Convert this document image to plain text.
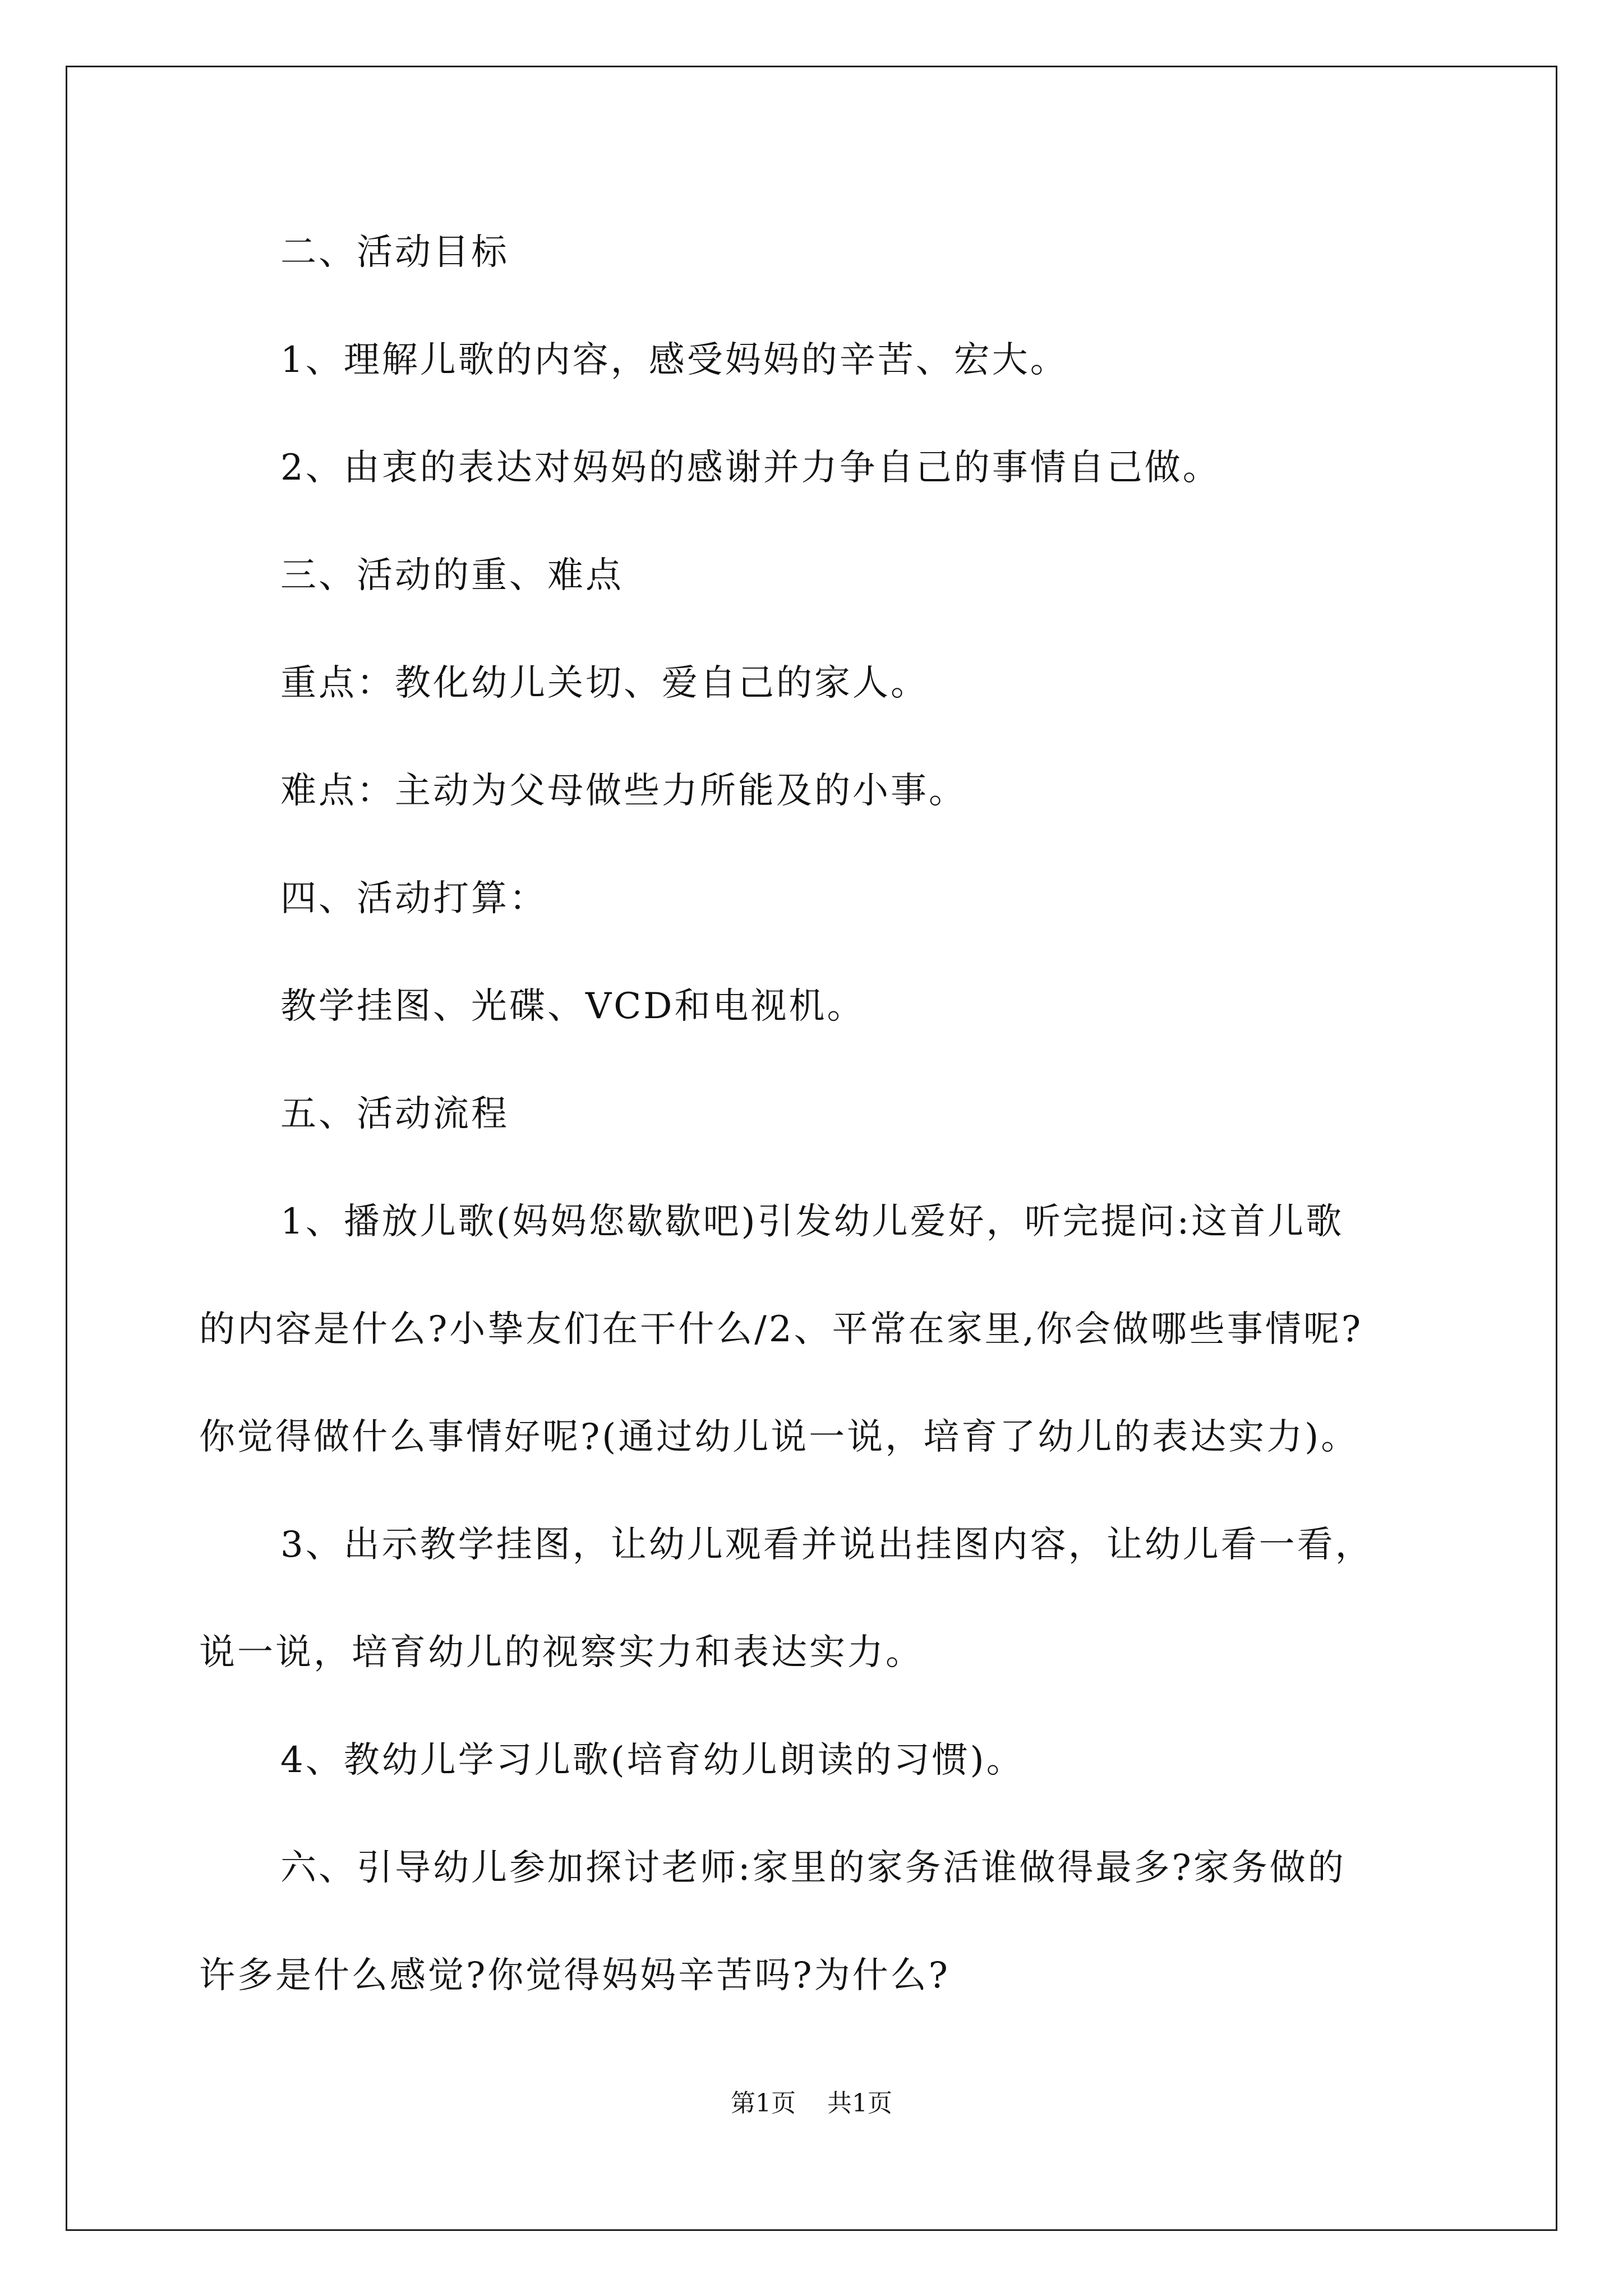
二、活动目标
1、理解儿歌的内容，感受妈妈的辛苦、宏大。
2、由衷的表达对妈妈的感谢并力争自己的事情自己做。
三、活动的重、难点
重点：教化幼儿关切、爱自己的家人。
难点：主动为父母做些力所能及的小事。
四、活动打算：
教学挂图、光碟、VCD和电视机。
五、活动流程
1、播放儿歌(妈妈您歇歇吧)引发幼儿爱好，听完提问:这首儿歌
的内容是什么?小挚友们在干什么/2、平常在家里,你会做哪些事情呢?
你觉得做什么事情好呢?(通过幼儿说一说，培育了幼儿的表达实力)。
3、出示教学挂图，让幼儿观看并说出挂图内容，让幼儿看一看，
说一说，培育幼儿的视察实力和表达实力。
4、教幼儿学习儿歌(培育幼儿朗读的习惯)。
六、引导幼儿参加探讨老师:家里的家务活谁做得最多?家务做的
许多是什么感觉?你觉得妈妈辛苦吗?为什么?
第1页    共1页
